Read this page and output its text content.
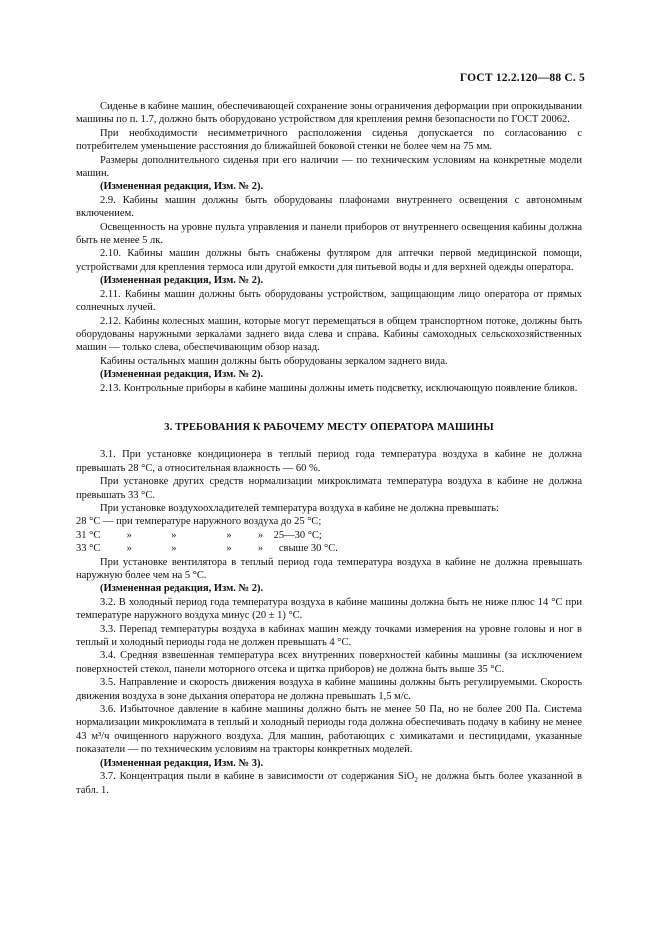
ГОСТ 12.2.120—88 С. 5

Сиденье в кабине машин, обеспечивающей сохранение зоны ограничения деформации при опрокидывании машины по п. 1.7, должно быть оборудовано устройством для крепления ремня безопасности по ГОСТ 20062.

При необходимости несимметричного расположения сиденья допускается по согласованию с потребителем уменьшение расстояния до ближайшей боковой стенки не более чем на 75 мм.

Размеры дополнительного сиденья при его наличии — по техническим условиям на конкретные модели машин.

(Измененная редакция, Изм. № 2).

2.9. Кабины машин должны быть оборудованы плафонами внутреннего освещения с автономным включением.

Освещенность на уровне пульта управления и панели приборов от внутреннего освещения кабины должна быть не менее 5 лк.

2.10. Кабины машин должны быть снабжены футляром для аптечки первой медицинской помощи, устройствами для крепления термоса или другой емкости для питьевой воды и для верхней одежды оператора.

(Измененная редакция, Изм. № 2).

2.11. Кабины машин должны быть оборудованы устройством, защищающим лицо оператора от прямых солнечных лучей.

2.12. Кабины колесных машин, которые могут перемещаться в общем транспортном потоке, должны быть оборудованы наружными зеркалами заднего вида слева и справа. Кабины самоходных сельскохозяйственных машин — только слева, обеспечивающим обзор назад.

Кабины остальных машин должны быть оборудованы зеркалом заднего вида.

(Измененная редакция, Изм. № 2).

2.13. Контрольные приборы в кабине машины должны иметь подсветку, исключающую появление бликов.

3. ТРЕБОВАНИЯ К РАБОЧЕМУ МЕСТУ ОПЕРАТОРА МАШИНЫ

3.1. При установке кондиционера в теплый период года температура воздуха в кабине не должна превышать 28 °С, а относительная влажность — 60 %.

При установке других средств нормализации микроклимата температура воздуха в кабине не должна превышать 33 °С.

При установке воздухоохладителей температура воздуха в кабине не должна превышать:

28 °С — при температуре наружного воздуха до 25 °С;

31 °С          »               »                   »          »    25—30 °С;

33 °С          »               »                   »          »      свыше 30 °С.

При установке вентилятора в теплый период года температура воздуха в кабине не должна превышать наружную более чем на 5 °С.

(Измененная редакция, Изм. № 2).

3.2. В холодный период года температура воздуха в кабине машины должна быть не ниже плюс 14 °С при температуре наружного воздуха минус (20 ± 1) °С.

3.3. Перепад температуры воздуха в кабинах машин между точками измерения на уровне головы и ног в теплый и холодный периоды года не должен превышать 4 °С.

3.4. Средняя взвешенная температура всех внутренних поверхностей кабины машины (за исключением поверхностей стекол, панели моторного отсека и щитка приборов) не должна быть выше 35 °С.

3.5. Направление и скорость движения воздуха в кабине машины должны быть регулируемыми. Скорость движения воздуха в зоне дыхания оператора не должна превышать 1,5 м/с.

3.6. Избыточное давление в кабине машины должно быть не менее 50 Па, но не более 200 Па. Система нормализации микроклимата в теплый и холодный периоды года должна обеспечивать подачу в кабину не менее 43 м³/ч очищенного наружного воздуха. Для машин, работающих с химикатами и пестицидами, указанные показатели — по техническим условиям на тракторы конкретных моделей.

(Измененная редакция, Изм. № 3).

3.7. Концентрация пыли в кабине в зависимости от содержания SiO$_2$ не должна быть более указанной в табл. 1.
